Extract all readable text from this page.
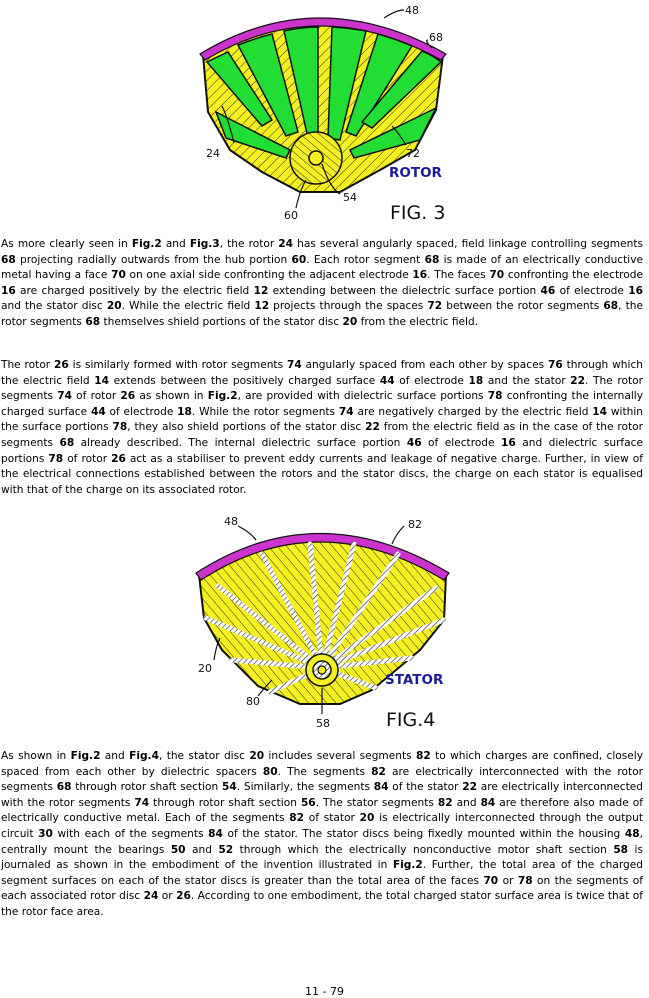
48
68
24	72
54
60
ROTOR
FIG. 3

As more clearly seen in Fig.2 and Fig.3, the rotor 24 has several angularly spaced, field linkage controlling segments 68 projecting radially outwards from the hub portion 60. Each rotor segment 68 is made of an electrically conductive metal having a face 70 on one axial side confronting the adjacent electrode 16. The faces 70 confronting the electrode 16 are charged positively by the electric field 12 extending between the dielectric surface portion 46 of electrode 16 and the stator disc 20. While the electric field 12 projects through the spaces 72 between the rotor segments 68, the rotor segments 68 themselves shield portions of the stator disc 20 from the electric field.

The rotor 26 is similarly formed with rotor segments 74 angularly spaced from each other by spaces 76 through which the electric field 14 extends between the positively charged surface 44 of electrode 18 and the stator 22. The rotor segments 74 of rotor 26 as shown in Fig.2, are provided with dielectric surface portions 78 confronting the internally charged surface 44 of electrode 18. While the rotor segments 74 are negatively charged by the electric field 14 within the surface portions 78, they also shield portions of the stator disc 22 from the electric field as in the case of the rotor segments 68 already described. The internal dielectric surface portion 46 of electrode 16 and dielectric surface portions 78 of rotor 26 act as a stabiliser to prevent eddy currents and leakage of negative charge. Further, in view of the electrical connections established between the rotors and the stator discs, the charge on each stator is equalised with that of the charge on its associated rotor.

48	82
20
80
58
STATOR
FIG.4

As shown in Fig.2 and Fig.4, the stator disc 20 includes several segments 82 to which charges are confined, closely spaced from each other by dielectric spacers 80. The segments 82 are electrically interconnected with the rotor segments 68 through rotor shaft section 54. Similarly, the segments 84 of the stator 22 are electrically interconnected with the rotor segments 74 through rotor shaft section 56. The stator segments 82 and 84 are therefore also made of electrically conductive metal. Each of the segments 82 of stator 20 is electrically interconnected through the output circuit 30 with each of the segments 84 of the stator. The stator discs being fixedly mounted within the housing 48, centrally mount the bearings 50 and 52 through which the electrically nonconductive motor shaft section 58 is journaled as shown in the embodiment of the invention illustrated in Fig.2. Further, the total area of the charged segment surfaces on each of the stator discs is greater than the total area of the faces 70 or 78 on the segments of each associated rotor disc 24 or 26. According to one embodiment, the total charged stator surface area is twice that of the rotor face area.

11 - 79
